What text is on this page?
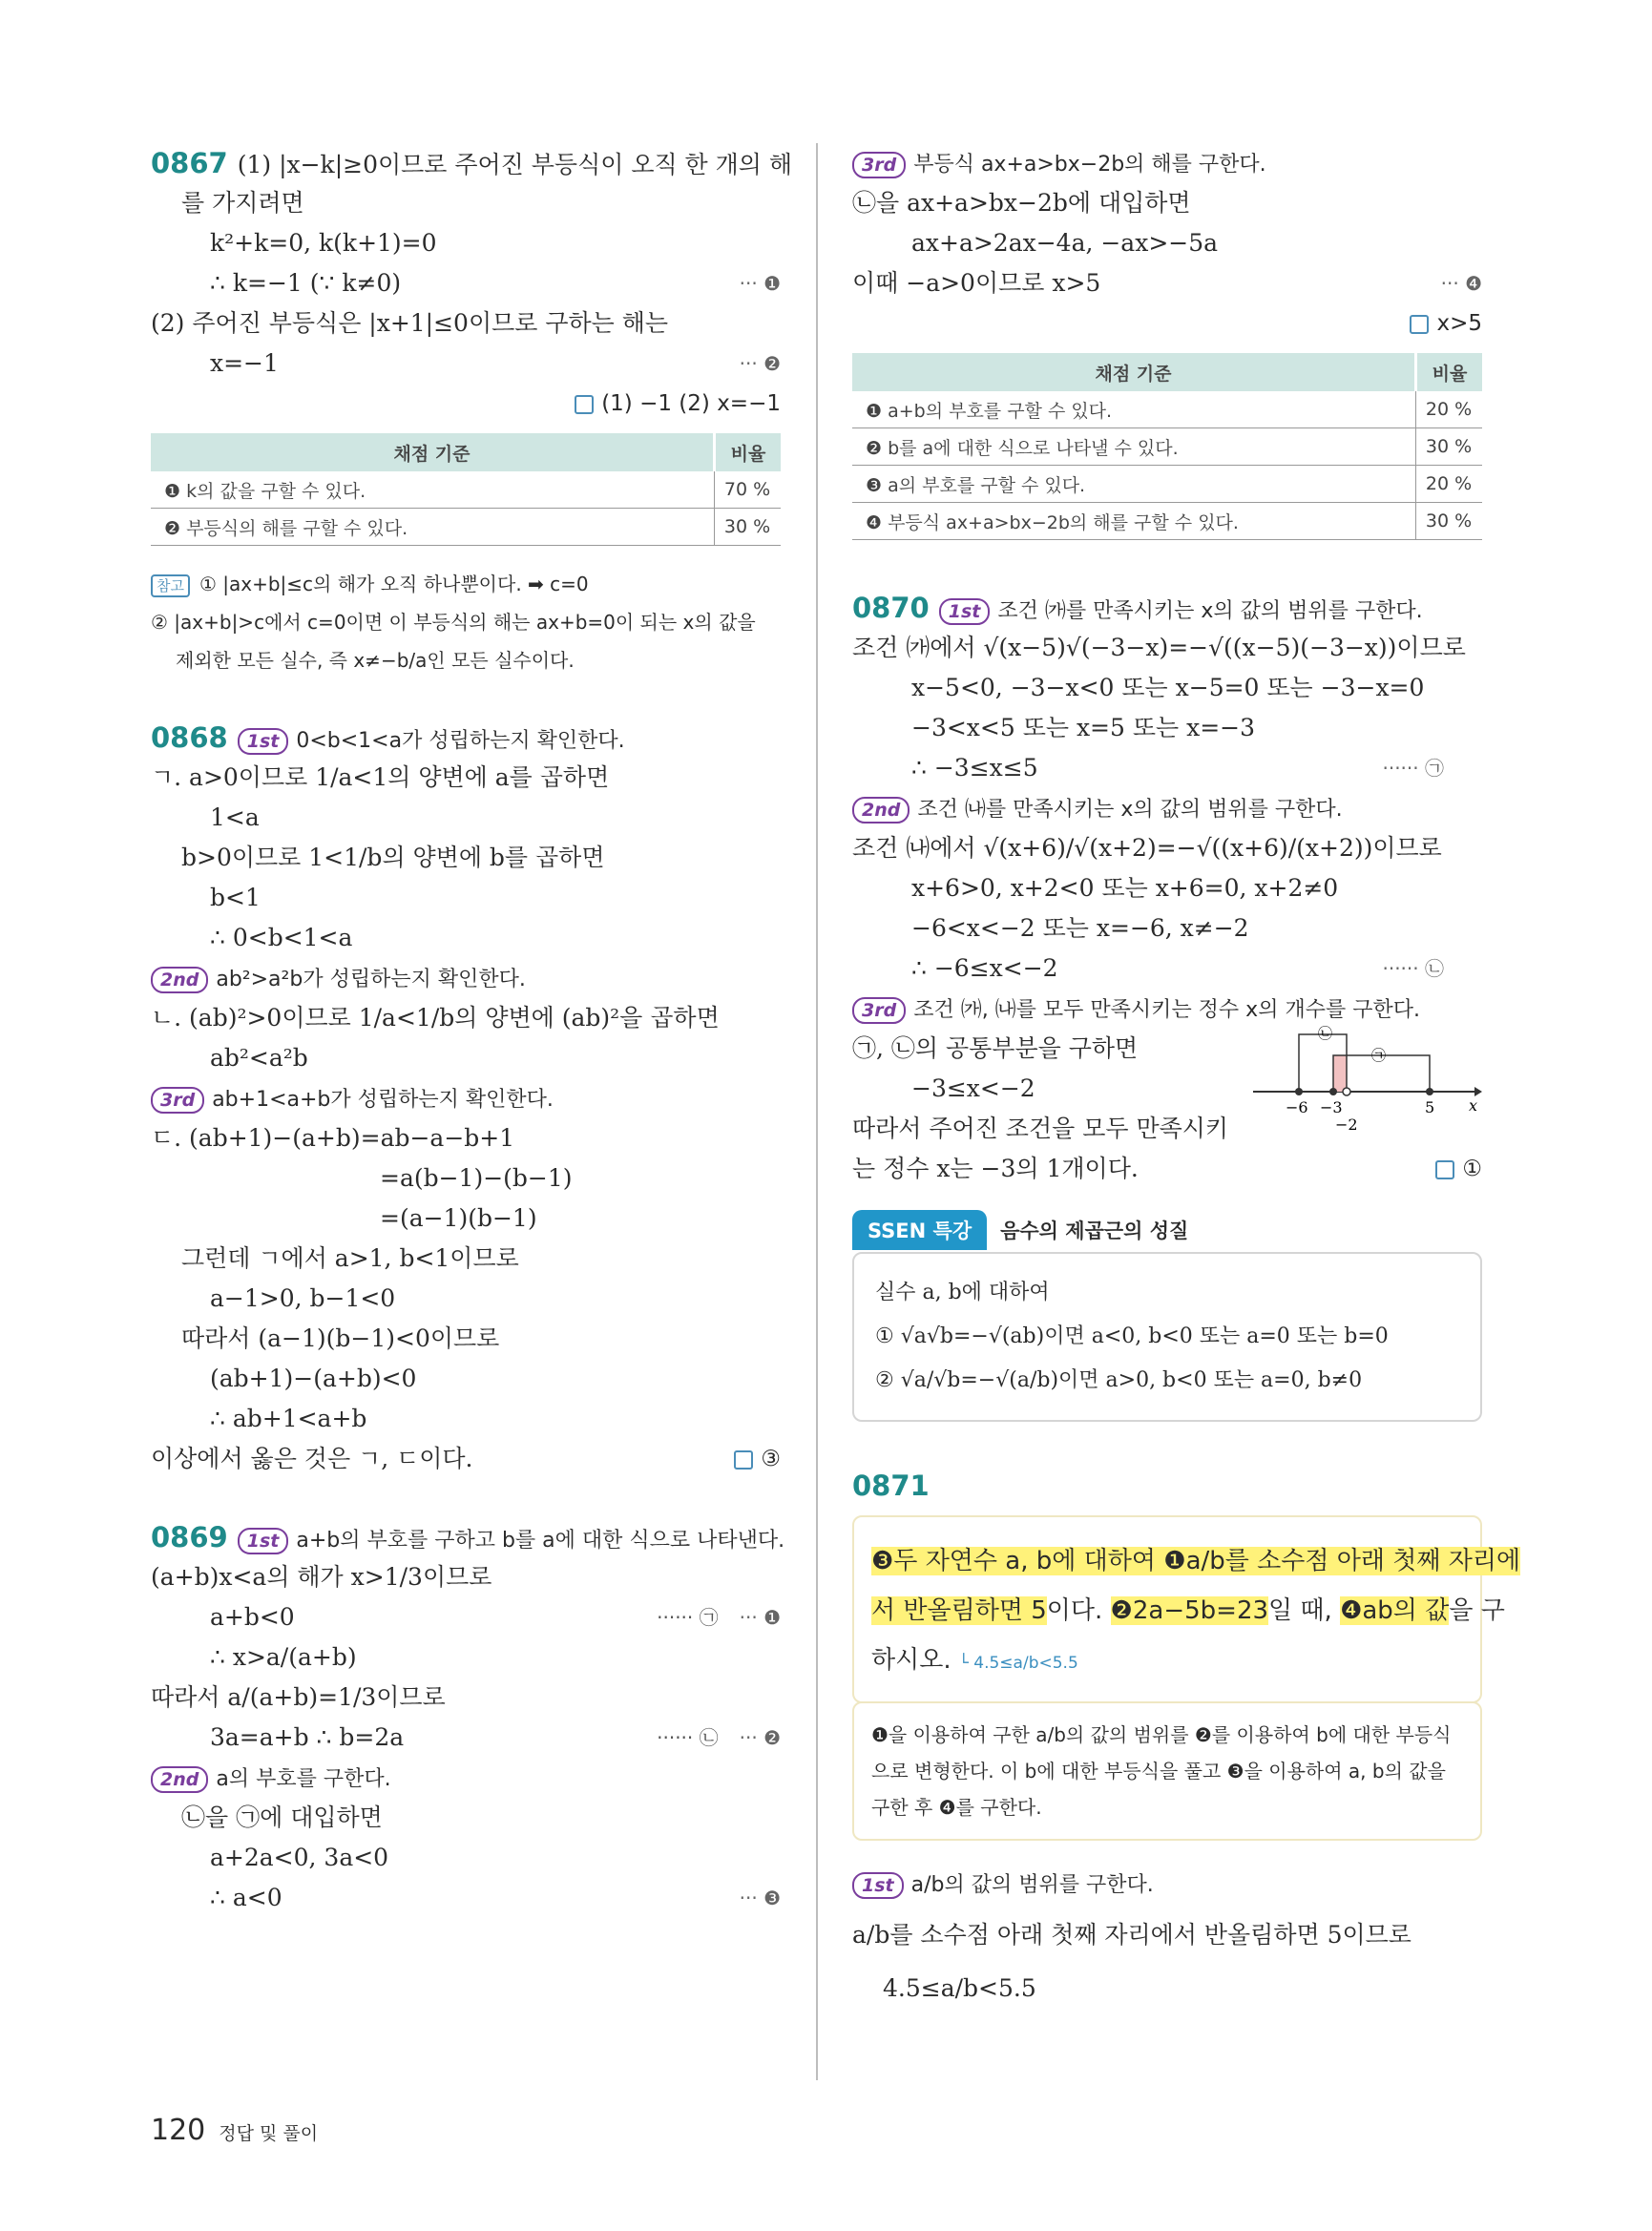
0867 (1) |x−k|≥0이므로 주어진 부등식이 오직 한 개의 해
를 가지려면
k²+k=0, k(k+1)=0
∴ k=−1 (∵ k≠0)	··· ❶
(2) 주어진 부등식은 |x+1|≤0이므로 구하는 해는
x=−1	··· ❷
(1) −1 (2) x=−1
채점 기준	비율
❶ k의 값을 구할 수 있다.	70 %
❷ 부등식의 해를 구할 수 있다.	30 %
참고 ① |ax+b|≤c의 해가 오직 하나뿐이다. ➡ c=0
② |ax+b|>c에서 c=0이면 이 부등식의 해는 ax+b=0이 되는 x의 값을
제외한 모든 실수, 즉 x≠−b/a인 모든 실수이다.
0868 1st 0<b<1<a가 성립하는지 확인한다.
ㄱ. a>0이므로 1/a<1의 양변에 a를 곱하면
1<a
b>0이므로 1<1/b의 양변에 b를 곱하면
b<1
∴ 0<b<1<a
2nd ab²>a²b가 성립하는지 확인한다.
ㄴ. (ab)²>0이므로 1/a<1/b의 양변에 (ab)²을 곱하면
ab²<a²b
3rd ab+1<a+b가 성립하는지 확인한다.
ㄷ. (ab+1)−(a+b)=ab−a−b+1
=a(b−1)−(b−1)
=(a−1)(b−1)
그런데 ㄱ에서 a>1, b<1이므로
a−1>0, b−1<0
따라서 (a−1)(b−1)<0이므로
(ab+1)−(a+b)<0
∴ ab+1<a+b
이상에서 옳은 것은 ㄱ, ㄷ이다.	③
0869 1st a+b의 부호를 구하고 b를 a에 대한 식으로 나타낸다.
(a+b)x<a의 해가 x>1/3이므로
a+b<0	······ ㉠ ··· ❶
∴ x>a/(a+b)
따라서 a/(a+b)=1/3이므로
3a=a+b ∴ b=2a	······ ㉡ ··· ❷
2nd a의 부호를 구한다.
㉡을 ㉠에 대입하면
a+2a<0, 3a<0
∴ a<0	··· ❸
3rd 부등식 ax+a>bx−2b의 해를 구한다.
㉡을 ax+a>bx−2b에 대입하면
ax+a>2ax−4a, −ax>−5a
이때 −a>0이므로 x>5	··· ❹
x>5
채점 기준	비율
❶ a+b의 부호를 구할 수 있다.	20 %
❷ b를 a에 대한 식으로 나타낼 수 있다.	30 %
❸ a의 부호를 구할 수 있다.	20 %
❹ 부등식 ax+a>bx−2b의 해를 구할 수 있다.	30 %
0870 1st 조건 ㈎를 만족시키는 x의 값의 범위를 구한다.
조건 ㈎에서 √(x−5)√(−3−x)=−√((x−5)(−3−x))이므로
x−5<0, −3−x<0 또는 x−5=0 또는 −3−x=0
−3<x<5 또는 x=5 또는 x=−3
∴ −3≤x≤5	······ ㉠
2nd 조건 ㈏를 만족시키는 x의 값의 범위를 구한다.
조건 ㈏에서 √(x+6)/√(x+2)=−√((x+6)/(x+2))이므로
x+6>0, x+2<0 또는 x+6=0, x+2≠0
−6<x<−2 또는 x=−6, x≠−2
∴ −6≤x<−2	······ ㉡
3rd 조건 ㈎, ㈏를 모두 만족시키는 정수 x의 개수를 구한다.
㉠, ㉡의 공통부분을 구하면
−3≤x<−2
따라서 주어진 조건을 모두 만족시키
는 정수 x는 −3의 1개이다.	①
㉡
㉠
−6 −3
−2
5 x
SSEN 특강 음수의 제곱근의 성질
실수 a, b에 대하여
① √a√b=−√(ab)이면 a<0, b<0 또는 a=0 또는 b=0
② √a/√b=−√(a/b)이면 a>0, b<0 또는 a=0, b≠0
0871
❸두 자연수 a, b에 대하여 ❶a/b를 소수점 아래 첫째 자리에
서 반올림하면 5이다. ❷2a−5b=23일 때, ❹ab의 값을 구
하시오. └ 4.5≤a/b<5.5
❶을 이용하여 구한 a/b의 값의 범위를 ❷를 이용하여 b에 대한 부등식
으로 변형한다. 이 b에 대한 부등식을 풀고 ❸을 이용하여 a, b의 값을
구한 후 ❹를 구한다.
1st a/b의 값의 범위를 구한다.
a/b를 소수점 아래 첫째 자리에서 반올림하면 5이므로
4.5≤a/b<5.5
120 정답 및 풀이
